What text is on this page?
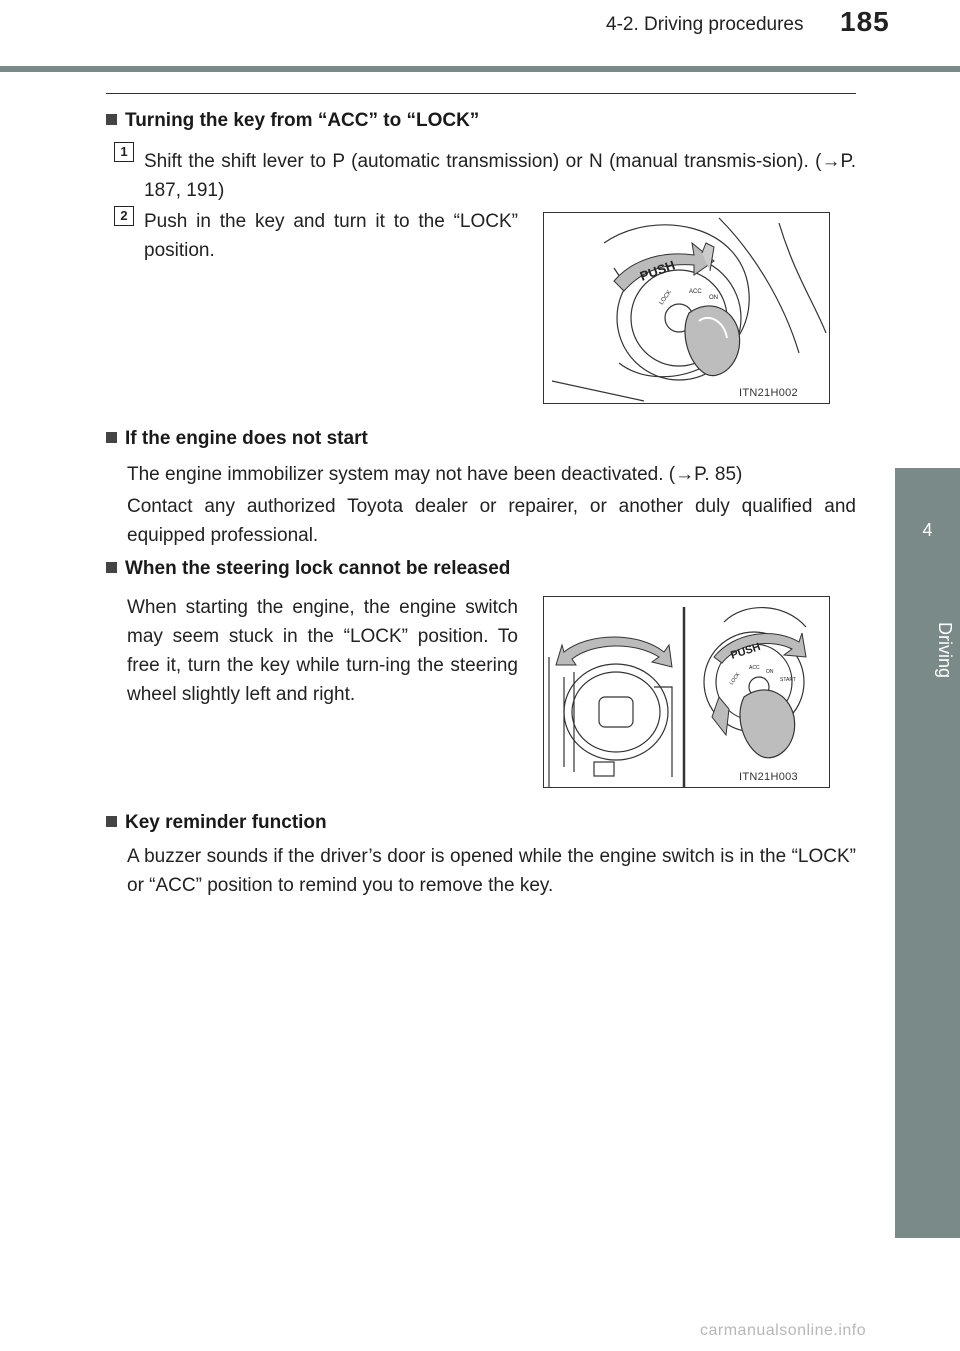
4-2. Driving procedures 185
4
Driving
Turning the key from “ACC” to “LOCK”
1 Shift the shift lever to P (automatic transmission) or N (manual transmis-sion). (→P. 187, 191)
2 Push in the key and turn it to the “LOCK” position.
PUSH
ACC
ON
LOCK
ITN21H002
If the engine does not start
The engine immobilizer system may not have been deactivated. (→P. 85)
Contact any authorized Toyota dealer or repairer, or another duly qualified and equipped professional.
When the steering lock cannot be released
When starting the engine, the engine switch may seem stuck in the “LOCK” position. To free it, turn the key while turn-ing the steering wheel slightly left and right.
PUSH
ACC
ON
START
LOCK
ITN21H003
Key reminder function
A buzzer sounds if the driver’s door is opened while the engine switch is in the “LOCK” or “ACC” position to remind you to remove the key.
carmanualsonline.info
